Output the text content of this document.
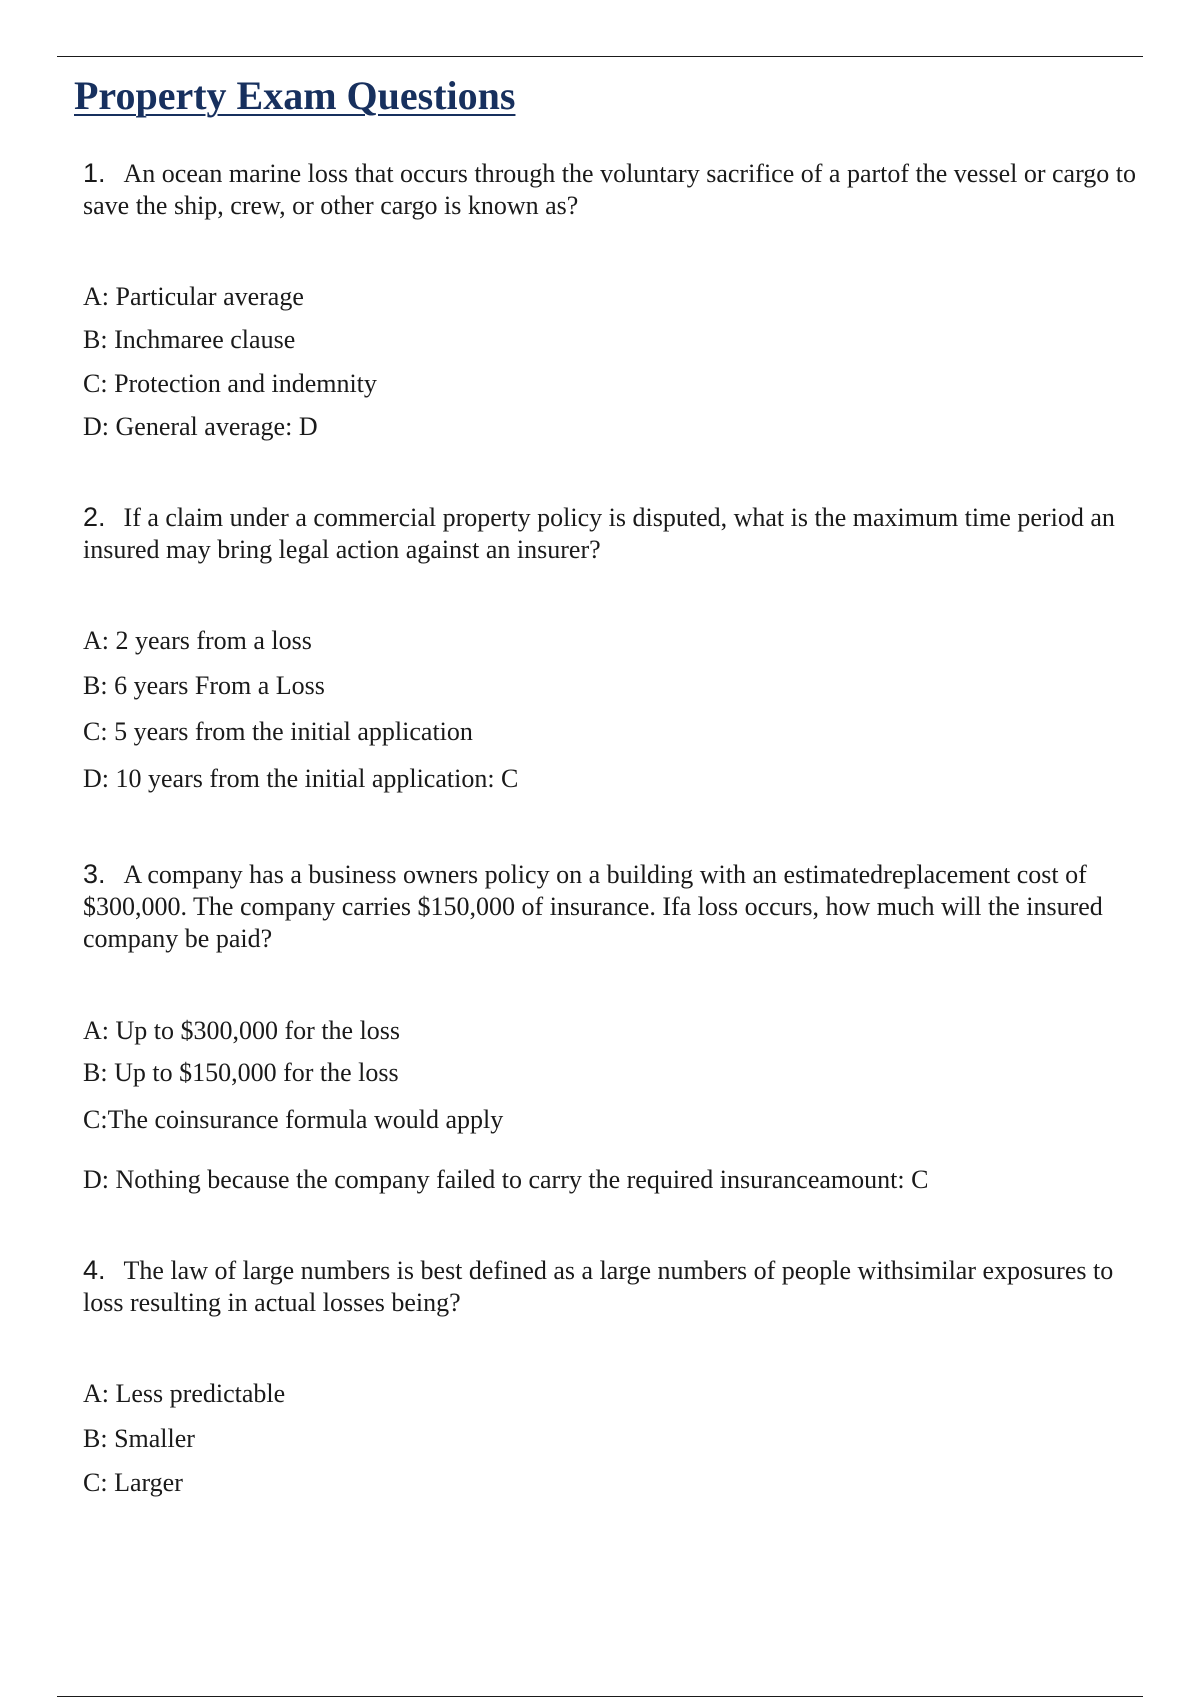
Property Exam Questions

1. An ocean marine loss that occurs through the voluntary sacrifice of a partof the vessel or cargo to save the ship, crew, or other cargo is known as?

A: Particular average

B: Inchmaree clause

C: Protection and indemnity

D: General average: D

2. If a claim under a commercial property policy is disputed, what is the maximum time period an insured may bring legal action against an insurer?

A: 2 years from a loss

B: 6 years From a Loss

C: 5 years from the initial application

D: 10 years from the initial application: C

3. A company has a business owners policy on a building with an estimatedreplacement cost of $300,000. The company carries $150,000 of insurance. Ifa loss occurs, how much will the insured company be paid?

A: Up to $300,000 for the loss

B: Up to $150,000 for the loss

C:The coinsurance formula would apply

D: Nothing because the company failed to carry the required insuranceamount: C

4. The law of large numbers is best defined as a large numbers of people withsimilar exposures to loss resulting in actual losses being?

A: Less predictable

B: Smaller

C: Larger
